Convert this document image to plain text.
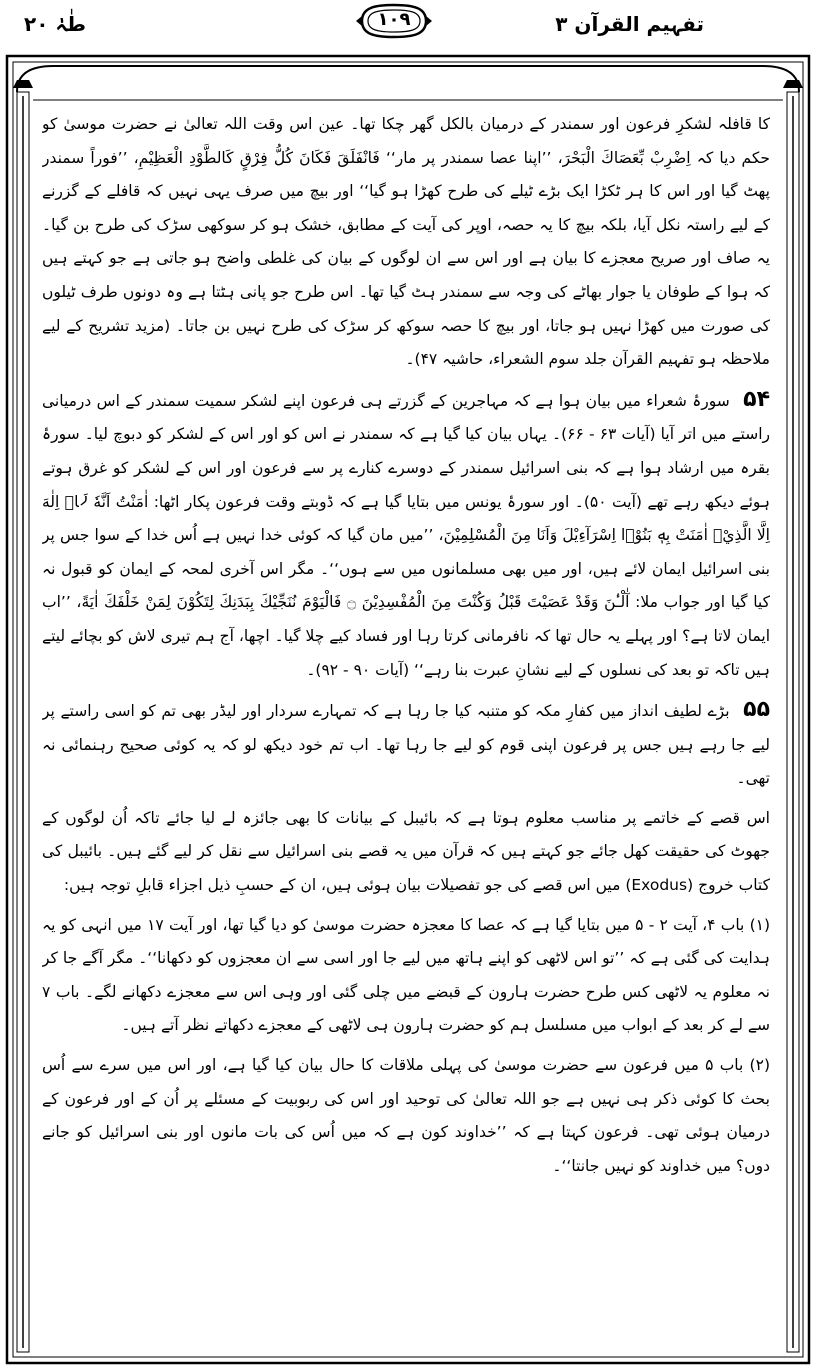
طٰہٰ ۲۰	۱۰۹	تفہیم القرآن ۳

کا قافلہ لشکرِ فرعون اور سمندر کے درمیان بالکل گھر چکا تھا۔ عین اس وقت اللہ تعالیٰ نے حضرت موسیٰ کو حکم دیا کہ اِضْرِبْ بِّعَصَاكَ الْبَحْرَ، ’’اپنا عصا سمندر پر مار‘‘ فَانْفَلَقَ فَكَانَ كُلُّ فِرْقٍ كَالطَّوْدِ الْعَظِيْمِ، ’’فوراً سمندر پھٹ گیا اور اس کا ہر ٹکڑا ایک بڑے ٹیلے کی طرح کھڑا ہو گیا‘‘ اور بیچ میں صرف یہی نہیں کہ قافلے کے گزرنے کے لیے راستہ نکل آیا، بلکہ بیچ کا یہ حصہ، اوپر کی آیت کے مطابق، خشک ہو کر سوکھی سڑک کی طرح بن گیا۔ یہ صاف اور صریح معجزے کا بیان ہے اور اس سے ان لوگوں کے بیان کی غلطی واضح ہو جاتی ہے جو کہتے ہیں کہ ہوا کے طوفان یا جوار بھاٹے کی وجہ سے سمندر ہٹ گیا تھا۔ اس طرح جو پانی ہٹتا ہے وہ دونوں طرف ٹیلوں کی صورت میں کھڑا نہیں ہو جاتا، اور بیچ کا حصہ سوکھ کر سڑک کی طرح نہیں بن جاتا۔ (مزید تشریح کے لیے ملاحظہ ہو تفہیم القرآن جلد سوم الشعراء، حاشیہ ۴۷)۔

۵۴ سورۂ شعراء میں بیان ہوا ہے کہ مہاجرین کے گزرتے ہی فرعون اپنے لشکر سمیت سمندر کے اس درمیانی راستے میں اتر آیا (آیات ۶۳ - ۶۶)۔ یہاں بیان کیا گیا ہے کہ سمندر نے اس کو اور اس کے لشکر کو دبوچ لیا۔ سورۂ بقرہ میں ارشاد ہوا ہے کہ بنی اسرائیل سمندر کے دوسرے کنارے پر سے فرعون اور اس کے لشکر کو غرق ہوتے ہوئے دیکھ رہے تھے (آیت ۵۰)۔ اور سورۂ یونس میں بتایا گیا ہے کہ ڈوبتے وقت فرعون پکار اٹھا: اٰمَنْتُ اَنَّهٗ لَاۤ اِلٰهَ اِلَّا الَّذِيْۤ اٰمَنَتْ بِهٖ بَنُوْۤا اِسْرَآءِيْلَ وَاَنَا مِنَ الْمُسْلِمِيْنَ، ’’میں مان گیا کہ کوئی خدا نہیں ہے اُس خدا کے سوا جس پر بنی اسرائیل ایمان لائے ہیں، اور میں بھی مسلمانوں میں سے ہوں‘‘۔ مگر اس آخری لمحہ کے ایمان کو قبول نہ کیا گیا اور جواب ملا: آٰلْـٰٔنَ وَقَدْ عَصَيْتَ قَبْلُ وَكُنْتَ مِنَ الْمُفْسِدِيْنَ ۝ فَالْيَوْمَ نُنَجِّيْكَ بِبَدَنِكَ لِتَكُوْنَ لِمَنْ خَلْفَكَ اٰيَةً، ’’اب ایمان لاتا ہے؟ اور پہلے یہ حال تھا کہ نافرمانی کرتا رہا اور فساد کیے چلا گیا۔ اچھا، آج ہم تیری لاش کو بچائے لیتے ہیں تاکہ تو بعد کی نسلوں کے لیے نشانِ عبرت بنا رہے‘‘ (آیات ۹۰ - ۹۲)۔

۵۵ بڑے لطیف انداز میں کفارِ مکہ کو متنبہ کیا جا رہا ہے کہ تمہارے سردار اور لیڈر بھی تم کو اسی راستے پر لیے جا رہے ہیں جس پر فرعون اپنی قوم کو لیے جا رہا تھا۔ اب تم خود دیکھ لو کہ یہ کوئی صحیح رہنمائی نہ تھی۔

اس قصے کے خاتمے پر مناسب معلوم ہوتا ہے کہ بائیبل کے بیانات کا بھی جائزہ لے لیا جائے تاکہ اُن لوگوں کے جھوٹ کی حقیقت کھل جائے جو کہتے ہیں کہ قرآن میں یہ قصے بنی اسرائیل سے نقل کر لیے گئے ہیں۔ بائیبل کی کتاب خروج (Exodus) میں اس قصے کی جو تفصیلات بیان ہوئی ہیں، ان کے حسبِ ذیل اجزاء قابلِ توجہ ہیں:

(۱) باب ۴، آیت ۲ - ۵ میں بتایا گیا ہے کہ عصا کا معجزہ حضرت موسیٰ کو دیا گیا تھا، اور آیت ۱۷ میں انہی کو یہ ہدایت کی گئی ہے کہ ’’تو اس لاٹھی کو اپنے ہاتھ میں لیے جا اور اسی سے ان معجزوں کو دکھانا‘‘۔ مگر آگے جا کر نہ معلوم یہ لاٹھی کس طرح حضرت ہارون کے قبضے میں چلی گئی اور وہی اس سے معجزے دکھانے لگے۔ باب ۷ سے لے کر بعد کے ابواب میں مسلسل ہم کو حضرت ہارون ہی لاٹھی کے معجزے دکھاتے نظر آتے ہیں۔

(۲) باب ۵ میں فرعون سے حضرت موسیٰ کی پہلی ملاقات کا حال بیان کیا گیا ہے، اور اس میں سرے سے اُس بحث کا کوئی ذکر ہی نہیں ہے جو اللہ تعالیٰ کی توحید اور اس کی ربوبیت کے مسئلے پر اُن کے اور فرعون کے درمیان ہوئی تھی۔ فرعون کہتا ہے کہ ’’خداوند کون ہے کہ میں اُس کی بات مانوں اور بنی اسرائیل کو جانے دوں؟ میں خداوند کو نہیں جانتا‘‘۔
